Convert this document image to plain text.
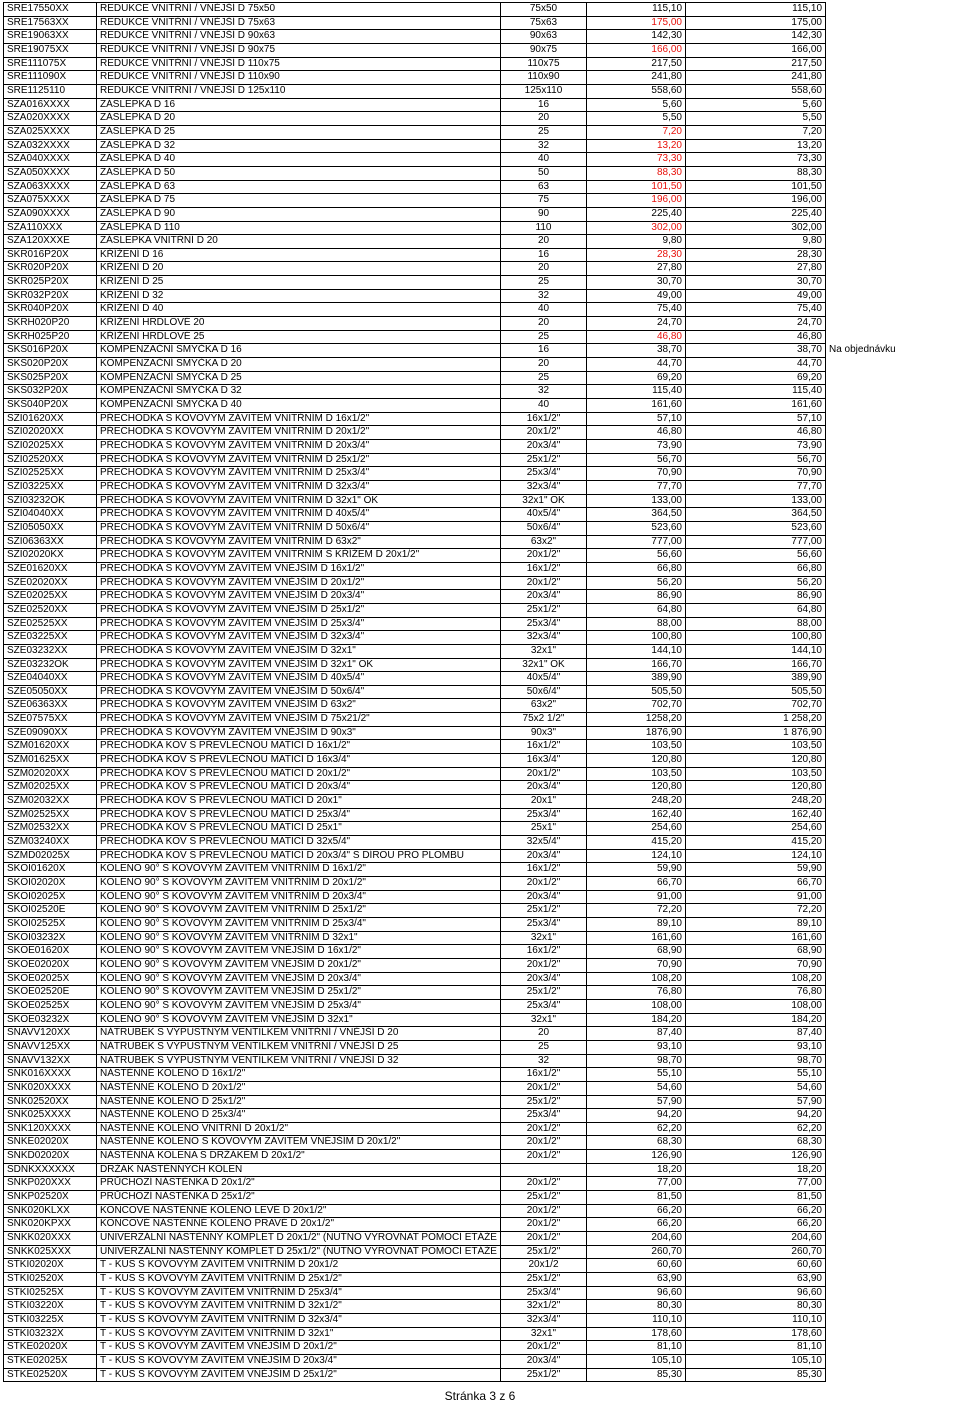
SRE17550XX	REDUKCE VNITŘNÍ / VNĚJŠÍ D 75x50	75x50	115,10	115,10	
SRE17563XX	REDUKCE VNITŘNÍ / VNĚJŠÍ D 75x63	75x63	175,00	175,00	
SRE19063XX	REDUKCE VNITŘNÍ / VNĚJŠÍ D 90x63	90x63	142,30	142,30	
SRE19075XX	REDUKCE VNITŘNÍ / VNĚJŠÍ D 90x75	90x75	166,00	166,00	
SRE111075X	REDUKCE VNITŘNÍ / VNĚJŠÍ D 110x75	110x75	217,50	217,50	
SRE111090X	REDUKCE VNITŘNÍ / VNĚJŠÍ D 110x90	110x90	241,80	241,80	
SRE1125110	REDUKCE VNITŘNÍ / VNĚJŠÍ D 125x110	125x110	558,60	558,60	
SZA016XXXX	ZÁSLEPKA D 16	16	5,60	5,60	
SZA020XXXX	ZÁSLEPKA D 20	20	5,50	5,50	
SZA025XXXX	ZÁSLEPKA D 25	25	7,20	7,20	
SZA032XXXX	ZÁSLEPKA D 32	32	13,20	13,20	
SZA040XXXX	ZÁSLEPKA D 40	40	73,30	73,30	
SZA050XXXX	ZÁSLEPKA D 50	50	88,30	88,30	
SZA063XXXX	ZÁSLEPKA D 63	63	101,50	101,50	
SZA075XXXX	ZÁSLEPKA D 75	75	196,00	196,00	
SZA090XXXX	ZÁSLEPKA D 90	90	225,40	225,40	
SZA110XXX	ZÁSLEPKA D 110	110	302,00	302,00	
SZA120XXXE	ZÁSLEPKA VNITŘNÍ D 20	20	9,80	9,80	
SKR016P20X	KŘÍŽENÍ D 16	16	28,30	28,30	
SKR020P20X	KŘÍŽENÍ D 20	20	27,80	27,80	
SKR025P20X	KŘÍŽENÍ D 25	25	30,70	30,70	
SKR032P20X	KŘÍŽENÍ D 32	32	49,00	49,00	
SKR040P20X	KŘÍŽENÍ D 40	40	75,40	75,40	
SKRH020P20	KŘÍŽENÍ HRDLOVÉ 20	20	24,70	24,70	
SKRH025P20	KŘÍŽENÍ HRDLOVÉ 25	25	46,80	46,80	
SKS016P20X	KOMPENZAČNÍ SMYČKA D 16	16	38,70	38,70	Na objednávku
SKS020P20X	KOMPENZAČNÍ SMYČKA D 20	20	44,70	44,70	
SKS025P20X	KOMPENZAČNÍ SMYČKA D 25	25	69,20	69,20	
SKS032P20X	KOMPENZAČNÍ SMYČKA D 32	32	115,40	115,40	
SKS040P20X	KOMPENZAČNÍ SMYČKA D 40	40	161,60	161,60	
SZI01620XX	PŘECHODKA S KOVOVÝM ZÁVITEM VNITŘNÍM D 16x1/2"	16x1/2"	57,10	57,10	
SZI02020XX	PŘECHODKA S KOVOVÝM ZÁVITEM VNITŘNÍM D 20x1/2"	20x1/2"	46,80	46,80	
SZI02025XX	PŘECHODKA S KOVOVÝM ZÁVITEM VNITŘNÍM D 20x3/4"	20x3/4"	73,90	73,90	
SZI02520XX	PŘECHODKA S KOVOVÝM ZÁVITEM VNITŘNÍM D 25x1/2"	25x1/2"	56,70	56,70	
SZI02525XX	PŘECHODKA S KOVOVÝM ZÁVITEM VNITŘNÍM D 25x3/4"	25x3/4"	70,90	70,90	
SZI03225XX	PŘECHODKA S KOVOVÝM ZÁVITEM VNITŘNÍM D 32x3/4"	32x3/4"	77,70	77,70	
SZI03232OK	PŘECHODKA S KOVOVÝM ZÁVITEM VNITŘNÍM D 32x1" OK	32x1" OK	133,00	133,00	
SZI04040XX	PŘECHODKA S KOVOVÝM ZÁVITEM VNITŘNÍM D 40x5/4"	40x5/4"	364,50	364,50	
SZI05050XX	PŘECHODKA S KOVOVÝM ZÁVITEM VNITŘNÍM D 50x6/4"	50x6/4"	523,60	523,60	
SZI06363XX	PŘECHODKA S KOVOVÝM ZÁVITEM VNITŘNÍM D 63x2"	63x2"	777,00	777,00	
SZI02020KX	PŘECHODKA S KOVOVÝM ZÁVITEM VNITŘNÍM S KŘÍŽEM D 20x1/2"	20x1/2"	56,60	56,60	
SZE01620XX	PŘECHODKA S KOVOVÝM ZÁVITEM VNĚJŠÍM D 16x1/2"	16x1/2"	66,80	66,80	
SZE02020XX	PŘECHODKA S KOVOVÝM ZÁVITEM VNĚJŠÍM D 20x1/2"	20x1/2"	56,20	56,20	
SZE02025XX	PŘECHODKA S KOVOVÝM ZÁVITEM VNĚJŠÍM D 20x3/4"	20x3/4"	86,90	86,90	
SZE02520XX	PŘECHODKA S KOVOVÝM ZÁVITEM VNĚJŠÍM D 25x1/2"	25x1/2"	64,80	64,80	
SZE02525XX	PŘECHODKA S KOVOVÝM ZÁVITEM VNĚJŠÍM D 25x3/4"	25x3/4"	88,00	88,00	
SZE03225XX	PŘECHODKA S KOVOVÝM ZÁVITEM VNĚJŠÍM D 32x3/4"	32x3/4"	100,80	100,80	
SZE03232XX	PŘECHODKA S KOVOVÝM ZÁVITEM VNĚJŠÍM D 32x1"	32x1"	144,10	144,10	
SZE03232OK	PŘECHODKA S KOVOVÝM ZÁVITEM VNĚJŠÍM D 32x1" OK	32x1" OK	166,70	166,70	
SZE04040XX	PŘECHODKA S KOVOVÝM ZÁVITEM VNĚJŠÍM D 40x5/4"	40x5/4"	389,90	389,90	
SZE05050XX	PŘECHODKA S KOVOVÝM ZÁVITEM VNĚJŠÍM D 50x6/4"	50x6/4"	505,50	505,50	
SZE06363XX	PŘECHODKA S KOVOVÝM ZÁVITEM VNĚJŠÍM D 63x2"	63x2"	702,70	702,70	
SZE07575XX	PŘECHODKA S KOVOVÝM ZÁVITEM VNĚJŠÍM D 75x21/2"	75x2 1/2"	1258,20	1 258,20	
SZE09090XX	PŘECHODKA S KOVOVÝM ZÁVITEM VNĚJŠÍM D 90x3"	90x3"	1876,90	1 876,90	
SZM01620XX	PŘECHODKA KOV S PŘEVLEČNOU MATICÍ D 16x1/2"	16x1/2"	103,50	103,50	
SZM01625XX	PŘECHODKA KOV S PŘEVLEČNOU MATICÍ D 16x3/4"	16x3/4"	120,80	120,80	
SZM02020XX	PŘECHODKA KOV S PŘEVLEČNOU MATICÍ D 20x1/2"	20x1/2"	103,50	103,50	
SZM02025XX	PŘECHODKA KOV S PŘEVLEČNOU MATICÍ D 20x3/4"	20x3/4"	120,80	120,80	
SZM02032XX	PŘECHODKA KOV S PŘEVLEČNOU MATICÍ D 20x1"	20x1"	248,20	248,20	
SZM02525XX	PŘECHODKA KOV S PŘEVLEČNOU MATICÍ D 25x3/4"	25x3/4"	162,40	162,40	
SZM02532XX	PŘECHODKA KOV S PŘEVLEČNOU MATICÍ D 25x1"	25x1"	254,60	254,60	
SZM03240XX	PŘECHODKA KOV S PŘEVLEČNOU MATICÍ D 32x5/4"	32x5/4"	415,20	415,20	
SZMD02025X	PŘECHODKA KOV S PŘEVLEČNOU MATICÍ D 20x3/4" S DÍROU PRO PLOMBU	20x3/4"	124,10	124,10	
SKOI01620X	KOLENO 90° S KOVOVÝM ZÁVITEM VNITŘNÍM D 16x1/2"	16x1/2"	59,90	59,90	
SKOI02020X	KOLENO 90° S KOVOVÝM ZÁVITEM VNITŘNÍM D 20x1/2"	20x1/2"	66,70	66,70	
SKOI02025X	KOLENO 90° S KOVOVÝM ZÁVITEM VNITŘNÍM D 20x3/4"	20x3/4"	91,00	91,00	
SKOI02520E	KOLENO 90° S KOVOVÝM ZÁVITEM VNITŘNÍM D 25x1/2"	25x1/2"	72,20	72,20	
SKOI02525X	KOLENO 90° S KOVOVÝM ZÁVITEM VNITŘNÍM D 25x3/4"	25x3/4"	89,10	89,10	
SKOI03232X	KOLENO 90° S KOVOVÝM ZÁVITEM VNITŘNÍM D 32x1"	32x1"	161,60	161,60	
SKOE01620X	KOLENO 90° S KOVOVÝM ZÁVITEM VNĚJŠÍM D 16x1/2"	16x1/2"	68,90	68,90	
SKOE02020X	KOLENO 90° S KOVOVÝM ZÁVITEM VNĚJŠÍM D 20x1/2"	20x1/2"	70,90	70,90	
SKOE02025X	KOLENO 90° S KOVOVÝM ZÁVITEM VNĚJŠÍM D 20x3/4"	20x3/4"	108,20	108,20	
SKOE02520E	KOLENO 90° S KOVOVÝM ZÁVITEM VNĚJŠÍM D 25x1/2"	25x1/2"	76,80	76,80	
SKOE02525X	KOLENO 90° S KOVOVÝM ZÁVITEM VNĚJŠÍM D 25x3/4"	25x3/4"	108,00	108,00	
SKOE03232X	KOLENO 90° S KOVOVÝM ZÁVITEM VNĚJŠÍM D 32x1"	32x1"	184,20	184,20	
SNAVV120XX	NÁTRUBEK S VÝPUSTNÝM VENTILKEM VNITŘNÍ / VNĚJŠÍ D 20	20	87,40	87,40	
SNAVV125XX	NÁTRUBEK S VÝPUSTNÝM VENTILKEM VNITŘNÍ / VNĚJŠÍ D 25	25	93,10	93,10	
SNAVV132XX	NÁTRUBEK S VÝPUSTNÝM VENTILKEM VNITŘNÍ / VNĚJŠÍ D 32	32	98,70	98,70	
SNK016XXXX	NÁSTĚNNÉ KOLENO D 16x1/2"	16x1/2"	55,10	55,10	
SNK020XXXX	NÁSTĚNNÉ KOLENO D 20x1/2"	20x1/2"	54,60	54,60	
SNK02520XX	NÁSTĚNNÉ KOLENO D 25x1/2"	25x1/2"	57,90	57,90	
SNK025XXXX	NÁSTĚNNÉ KOLENO D 25x3/4"	25x3/4"	94,20	94,20	
SNK120XXXX	NÁSTĚNNÉ KOLENO VNITŘNÍ D 20x1/2"	20x1/2"	62,20	62,20	
SNKE02020X	NÁSTĚNNÉ KOLENO S KOVOVÝM ZÁVITEM VNĚJŠÍM D 20x1/2"	20x1/2"	68,30	68,30	
SNKD02020X	NÁSTĚNNÁ KOLENA S DRŽÁKEM D 20x1/2"	20x1/2"	126,90	126,90	
SDNKXXXXXX	DRŽÁK NÁSTĚNNÝCH KOLEN		18,20	18,20	
SNKP020XXX	PRŮCHOZÍ NÁSTĚNKA D 20x1/2"	20x1/2"	77,00	77,00	
SNKP02520X	PRŮCHOZÍ NÁSTĚNKA D 25x1/2"	25x1/2"	81,50	81,50	
SNK020KLXX	KONCOVÉ NÁSTĚNNÉ KOLENO LEVÉ D 20x1/2"	20x1/2"	66,20	66,20	
SNK020KPXX	KONCOVÉ NÁSTĚNNÉ KOLENO PRAVÉ D 20x1/2"	20x1/2"	66,20	66,20	
SNKK020XXX	UNIVERZÁLNÍ NÁSTĚNNÝ KOMPLET D 20x1/2" (NUTNO VYROVNAT POMOCÍ ETÁŽE	20x1/2"	204,60	204,60	
SNKK025XXX	UNIVERZÁLNÍ NÁSTĚNNÝ KOMPLET D 25x1/2" (NUTNO VYROVNAT POMOCÍ ETÁŽE	25x1/2"	260,70	260,70	
STKI02020X	T - KUS S KOVOVÝM ZÁVITEM VNITŘNÍM D 20x1/2	20x1/2	60,60	60,60	
STKI02520X	T - KUS S KOVOVÝM ZÁVITEM VNITŘNÍM D 25x1/2"	25x1/2"	63,90	63,90	
STKI02525X	T - KUS S KOVOVÝM ZÁVITEM VNITŘNÍM D 25x3/4"	25x3/4"	96,60	96,60	
STKI03220X	T - KUS S KOVOVÝM ZÁVITEM VNITŘNÍM D 32x1/2"	32x1/2"	80,30	80,30	
STKI03225X	T - KUS S KOVOVÝM ZÁVITEM VNITŘNÍM D 32x3/4"	32x3/4"	110,10	110,10	
STKI03232X	T - KUS S KOVOVÝM ZÁVITEM VNITŘNÍM D 32x1"	32x1"	178,60	178,60	
STKE02020X	T - KUS S KOVOVÝM ZÁVITEM VNĚJŠÍM D 20x1/2"	20x1/2"	81,10	81,10	
STKE02025X	T - KUS S KOVOVÝM ZÁVITEM VNĚJŠÍM D 20x3/4"	20x3/4"	105,10	105,10	
STKE02520X	T - KUS S KOVOVÝM ZÁVITEM VNĚJŠÍM D 25x1/2"	25x1/2"	85,30	85,30	
Stránka 3 z 6
